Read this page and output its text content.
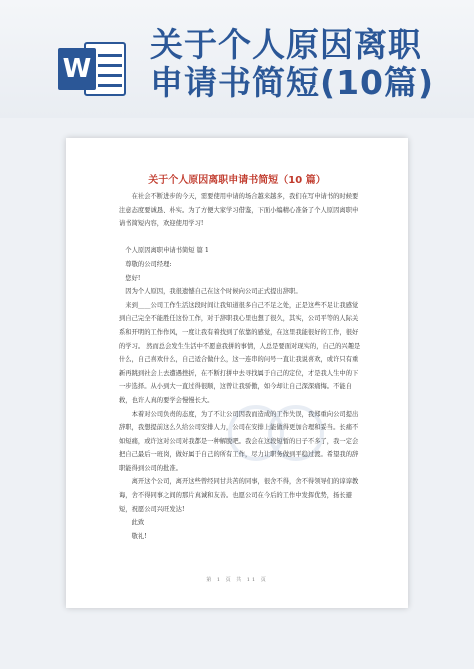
W
关于个人原因离职
申请书简短(10篇)
关于个人原因离职申请书简短（10 篇）

在社会不断进步的今天，需要使用申请的场合越来越多，我们在写申请书的时候要注意态度要诚恳、朴实。为了方便大家学习借鉴，下面小编精心准备了个人原因离职申请书简短内容，欢迎使用学习!

个人原因离职申请书简短 篇 1

尊敬的公司经理:

您好!

因为个人原因，我很遗憾自己在这个时候向公司正式提出辞职。

来到____公司工作生活这段时间让我知道很多自己不足之处，正是这些不足让我感觉到自己完全不能胜任这份工作，对于辞职我心里也想了很久，其实，公司平等的人际关系和开明的工作作风，一度让我有着找到了依靠的感觉，在这里我能很好的工作，很好的学习。 然而总会发生生活中不愿意我拼的事情，人总是要面对现实的，自己的兴趣是什么，自己喜欢什么，自己适合做什么，这一连串的问号一直让我说喜欢，或许只有重新再跳到社会上去遭遇挫折，在不断打拼中去寻找属于自己的定位，才是我人生中的下一步选择。从小到大一直过得很顺，这曾让我骄傲，如今却让自己深深痛悔。不能自救，也许人真的要学会慢慢长大。

本着对公司负责的态度，为了不让公司因我而造成的工作失误，我郑重向公司提出辞职，我想提前这么久给公司安排人力，公司在安排上能做得更加合理和妥当。长痛不如短痛，或许这对公司对我都是一种解脱吧。我会在这段短暂的日子不多了，我一定会把自己最后一班岗，做好属于自己的所有工作，尽力让职务做到平稳过渡。希望我的辞职能得到公司的批准。

离开这个公司，离开这些曾经同甘共苦的同事，很舍不得，舍不得领导们的谆谆教诲，舍不得同事之间的那片真诚和友善。也愿公司在今后的工作中发挥优势，扬长避短，祝愿公司兴旺发达!

此致

敬礼!

第 1 页 共 11 页
